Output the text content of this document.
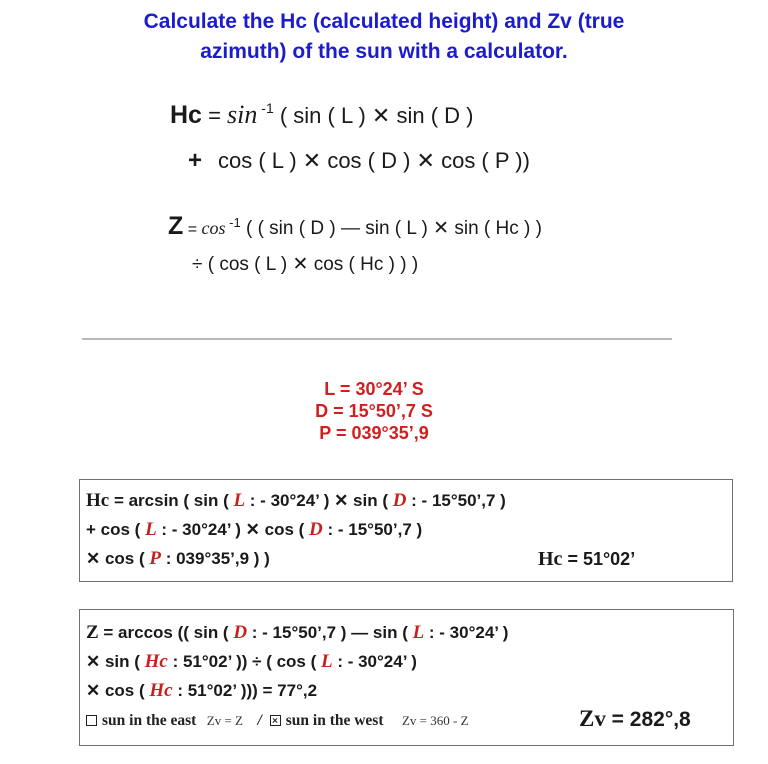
Calculate the Hc (calculated height) and Zv (true
azimuth) of the sun with a calculator.
Hc = sin $^{-1}$ ( sin ( L ) ✕ sin ( D )
+ cos ( L ) ✕ cos ( D ) ✕ cos ( P ))
Z = cos $^{-1}$ ( ( sin ( D ) — sin ( L ) ✕ sin ( Hc ) )
÷ ( cos ( L ) ✕ cos ( Hc ) ) )
L = 30°24’ S
D = 15°50’,7 S
P = 039°35’,9
Hc = arcsin ( sin ( L : - 30°24’ ) ✕ sin ( D : - 15°50’,7 )
+ cos ( L : - 30°24’ ) ✕ cos ( D : - 15°50’,7 )
✕ cos ( P : 039°35’,9 ) )	Hc = 51°02’
Z = arccos (( sin ( D : - 15°50’,7 ) — sin ( L : - 30°24’ )
✕ sin ( Hc : 51°02’ )) ÷ ( cos ( L : - 30°24’ )
✕ cos ( Hc : 51°02’ ))) = 77°,2
sun in the east Zv = Z / sun in the west Zv = 360 - Z	Zv = 282°,8
